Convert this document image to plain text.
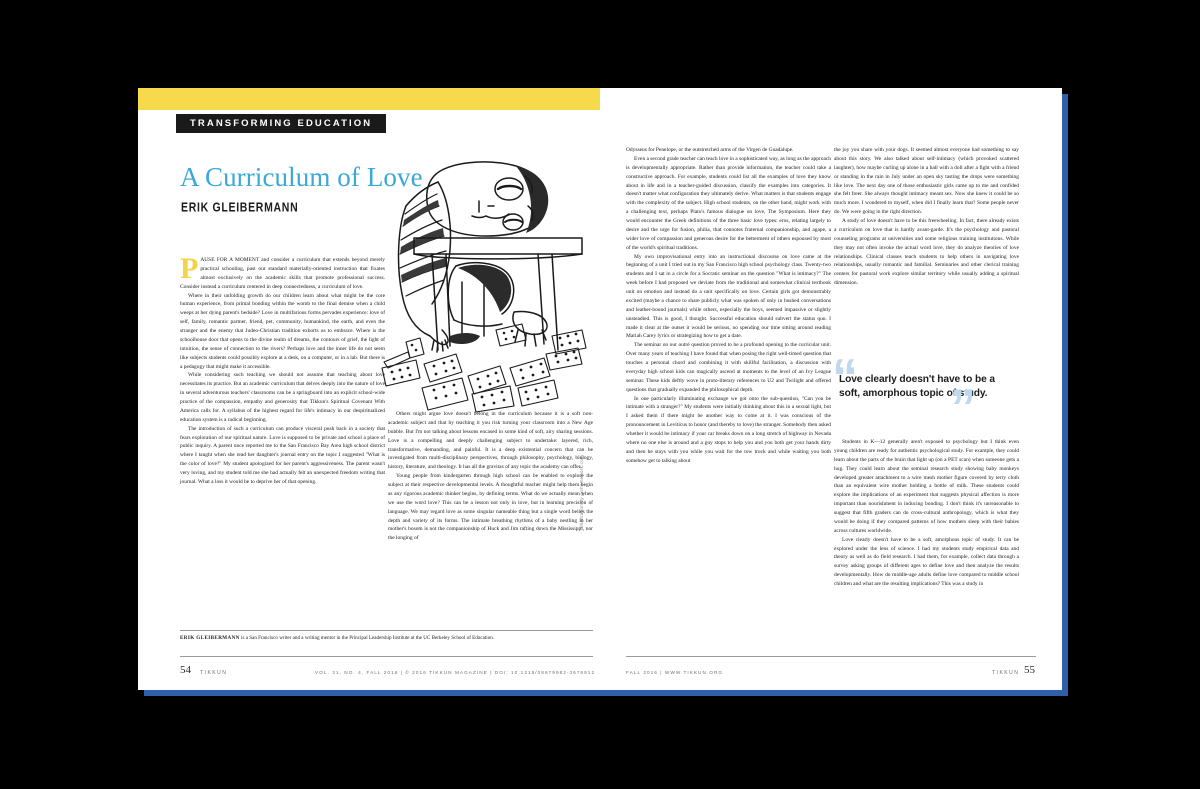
TRANSFORMING EDUCATION
A Curriculum of Love
ERIK GLEIBERMANN
Illustration by jushomework.com

PAUSE FOR A MOMENT and consider a curriculum that extends beyond merely practical schooling, past our standard materially-oriented instruction that fixates almost exclusively on the academic skills that promote professional success. Consider instead a curriculum centered in deep connectedness, a curriculum of love.

Where in their unfolding growth do our children learn about what might be the core human experience, from primal bonding within the womb to the final demise when a child weeps at her dying parent's bedside? Love in multifarious forms pervades experience: love of self, family, romantic partner, friend, pet, community, humankind, the earth, and even the stranger and the enemy that Judeo-Christian tradition exhorts us to embrace. Where is the schoolhouse door that opens to the divine realm of dreams, the contours of grief, the light of intuition, the sense of connection to the rivers? Perhaps love and the inner life do not seem like subjects students could possibly explore at a desk, on a computer, or in a lab. But there is a pedagogy that might make it accessible.

While considering such teaching we should not assume that teaching about love necessitates its practice. But an academic curriculum that delves deeply into the nature of love in several adventurous teachers' classrooms can be a springboard into an explicit school-wide practice of the compassion, empathy and generosity that Tikkun's Spiritual Covenant With America calls for. A syllabus of the highest regard for life's intimacy in our despiritualized education system is a radical beginning.

The introduction of such a curriculum can produce visceral push back in a society that fears exploration of our spiritual nature. Love is supposed to be private and school a place of public inquiry. A parent once reported me to the San Francisco Bay Area high school district where I taught when she read her daughter's journal entry on the topic I suggested "What is the color of love?" My student apologized for her parent's aggressiveness. The parent wasn't very loving, and my student told me she had actually felt an unexpected freedom writing that journal. What a loss it would be to deprive her of that opening.

Others might argue love doesn't belong in the curriculum because it is a soft non-academic subject and that by teaching it you risk turning your classroom into a New Age bubble. But I'm not talking about lessons encased in some kind of soft, airy sharing sessions. Love is a compelling and deeply challenging subject to undertake: layered, rich, transformative, demanding, and painful. It is a deep existential concern that can be investigated from multi-disciplinary perspectives, through philosophy, psychology, biology, history, literature, and theology. It has all the gravitas of any topic the academy can offer.

Young people from kindergarten through high school can be enabled to explore the subject at their respective developmental levels. A thoughtful teacher might help them begin as any rigorous academic thinker begins, by defining terms. What do we actually mean when we use the word love? This can be a lesson not only in love, but in learning precision of language. We may regard love as some singular nameable thing but a single word belies the depth and variety of its forms. The intimate breathing rhythms of a baby nestling in her mother's bosom is not the companionship of Huck and Jim rafting down the Mississippi, nor the longing of

ERIK GLEIBERMANN is a San Francisco writer and a writing mentor in the Principal Leadership Institute at the UC Berkeley School of Education.
54 TIKKUN	VOL. 31, NO. 4, FALL 2016 | © 2016 TIKKUN MAGAZINE | DOI: 10.1215/08879982-3676912

Odysseus for Penelope, or the outstretched arms of the Virgen de Guadalupe.

Even a second grade teacher can teach love in a sophisticated way, as long as the approach is developmentally appropriate. Rather than provide information, the teacher could take a constructive approach. For example, students could list all the examples of love they know about in life and in a teacher-guided discussion, classify the examples into categories. It doesn't matter what configuration they ultimately derive. What matters is that students engage with the complexity of the subject. High school students, on the other hand, might work with a challenging text, perhaps Plato's famous dialogue on love, The Symposium. Here they would encounter the Greek definitions of the three basic love types: eros, relating largely to desire and the urge for fusion, philia, that connotes fraternal companionship, and agape, a wider love of compassion and generous desire for the betterment of others espoused by most of the world's spiritual traditions.

My own improvisational entry into an instructional discourse on love came at the beginning of a unit I tried out in my San Francisco high school psychology class. Twenty-two students and I sat in a circle for a Socratic seminar on the question "What is intimacy?" The week before I had proposed we deviate from the traditional and somewhat clinical textbook unit on emotion and instead do a unit specifically on love. Certain girls got demonstrably excited (maybe a chance to share publicly what was spoken of only in hushed conversations and leather-bound journals) while others, especially the boys, seemed impassive or slightly unsteadied. This is good, I thought. Successful education should subvert the status quo. I made it clear at the outset it would be serious, no spending our time sitting around reading Mariah Carey lyrics or strategizing how to get a date.

The seminar on our outré question proved to be a profound opening to the curricular unit. Over many years of teaching I have found that when posing the right well-timed question that touches a personal chord and combining it with skillful facilitation, a discussion with everyday high school kids can magically ascend at moments to the level of an Ivy League seminar. These kids deftly wove in proto-literary references to U2 and Twilight and offered questions that gradually expanded the philosophical depth.

In one particularly illuminating exchange we got onto the sub-question, "Can you be intimate with a stranger?" My students were initially thinking about this in a sexual light, but I asked them if there might be another way to come at it. I was conscious of the pronouncement in Leviticus to honor (and thereby to love) the stranger. Somebody then asked whether it would be intimacy if your car breaks down on a long stretch of highway in Nevada where no one else is around and a guy stops to help you and you both get your hands dirty and then he stays with you while you wait for the tow truck and while waiting you both somehow get to talking about

the joy you share with your dogs. It seemed almost everyone had something to say about this story. We also talked about self-intimacy (which provoked scattered laughter), how maybe curling up alone in a ball with a doll after a fight with a friend or standing in the rain in July under an open sky tasting the drops were something like love. The next day one of those enthusiastic girls came up to me and confided she felt freer. She always thought intimacy meant sex. Now she knew it could be so much more. I wondered to myself, when did I finally learn that? Some people never do. We were going in the right direction.

A study of love doesn't have to be this freewheeling. In fact, there already exists a curriculum on love that is hardly avant-garde. It's the psychology and pastoral counseling programs at universities and some religious training institutions. While they may not often invoke the actual word love, they do analyze theories of love relationships. Clinical classes teach students to help others in navigating love relationships, usually romantic and familial. Seminaries and other clerical training centers for pastoral work explore similar territory while usually adding a spiritual dimension.

“
Love clearly doesn't have to be a soft, amorphous topic of study.
”

Students in K—12 generally aren't exposed to psychology but I think even young children are ready for authentic psychological study. For example, they could learn about the parts of the brain that light up (on a PET scan) when someone gets a hug. They could learn about the seminal research study showing baby monkeys developed greater attachment to a wire mesh mother figure covered by terry cloth than an equivalent wire mother holding a bottle of milk. These students could explore the implications of an experiment that suggests physical affection is more important than nourishment in inducing bonding. I don't think it's unreasonable to suggest that fifth graders can do cross-cultural anthropology, which is what they would be doing if they compared patterns of how mothers sleep with their babies across cultures worldwide.

Love clearly doesn't have to be a soft, amorphous topic of study. It can be explored under the lens of science. I had my students study empirical data and theory as well as do field research. I had them, for example, collect data through a survey asking groups of different ages to define love and then analyze the results developmentally. How do middle-age adults define love compared to middle school children and what are the resulting implications? This was a study in

FALL 2016 | WWW.TIKKUN.ORG	TIKKUN 55
